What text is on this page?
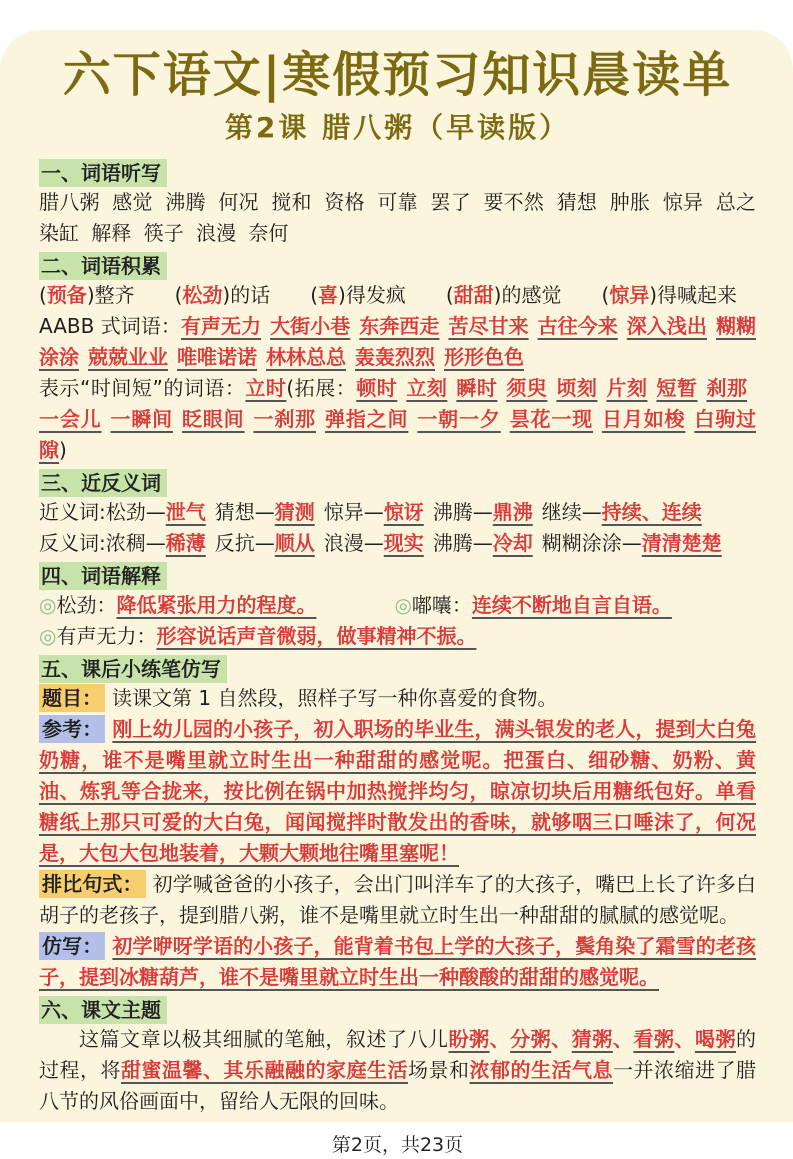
六下语文|寒假预习知识晨读单
第2课 腊八粥（早读版）
一、词语听写

腊八粥 感觉 沸腾 何况 搅和 资格 可靠 罢了 要不然 猜想 肿胀 惊异 总之 染缸 解释 筷子 浪漫 奈何

二、词语积累

(预备)整齐　　(松劲)的话　　(喜)得发疯　　(甜甜)的感觉　　(惊异)得喊起来

AABB 式词语：有声无力 大街小巷 东奔西走 苦尽甘来 古往今来 深入浅出 糊糊涂涂 兢兢业业 唯唯诺诺 林林总总 轰轰烈烈 形形色色

表示“时间短”的词语：立时(拓展：顿时 立刻 瞬时 须臾 顷刻 片刻 短暂 刹那一会儿 一瞬间 眨眼间 一刹那 弹指之间 一朝一夕 昙花一现 日月如梭 白驹过隙)

三、近反义词

近义词:松劲—泄气 猜想—猜测 惊异—惊讶 沸腾—鼎沸 继续—持续、连续

反义词:浓稠—稀薄 反抗—顺从 浪漫—现实 沸腾—冷却 糊糊涂涂—清清楚楚

四、词语解释

◎松劲：降低紧张用力的程度。	◎嘟囔：连续不断地自言自语。

◎有声无力：形容说话声音微弱，做事精神不振。

五、课后小练笔仿写

题目： 读课文第 1 自然段，照样子写一种你喜爱的食物。

参考： 刚上幼儿园的小孩子，初入职场的毕业生，满头银发的老人，提到大白兔奶糖，谁不是嘴里就立时生出一种甜甜的感觉呢。把蛋白、细砂糖、奶粉、黄油、炼乳等合拢来，按比例在锅中加热搅拌均匀，晾凉切块后用糖纸包好。单看糖纸上那只可爱的大白兔，闻闻搅拌时散发出的香味，就够咽三口唾沫了，何况是，大包大包地装着，大颗大颗地往嘴里塞呢！

排比句式： 初学喊爸爸的小孩子，会出门叫洋车了的大孩子，嘴巴上长了许多白胡子的老孩子，提到腊八粥，谁不是嘴里就立时生出一种甜甜的腻腻的感觉呢。

仿写： 初学咿呀学语的小孩子，能背着书包上学的大孩子，鬓角染了霜雪的老孩子，提到冰糖葫芦，谁不是嘴里就立时生出一种酸酸的甜甜的感觉呢。

六、课文主题

这篇文章以极其细腻的笔触，叙述了八儿盼粥、分粥、猜粥、看粥、喝粥的过程，将甜蜜温馨、其乐融融的家庭生活场景和浓郁的生活气息一并浓缩进了腊八节的风俗画面中，留给人无限的回味。

第2页，共23页
